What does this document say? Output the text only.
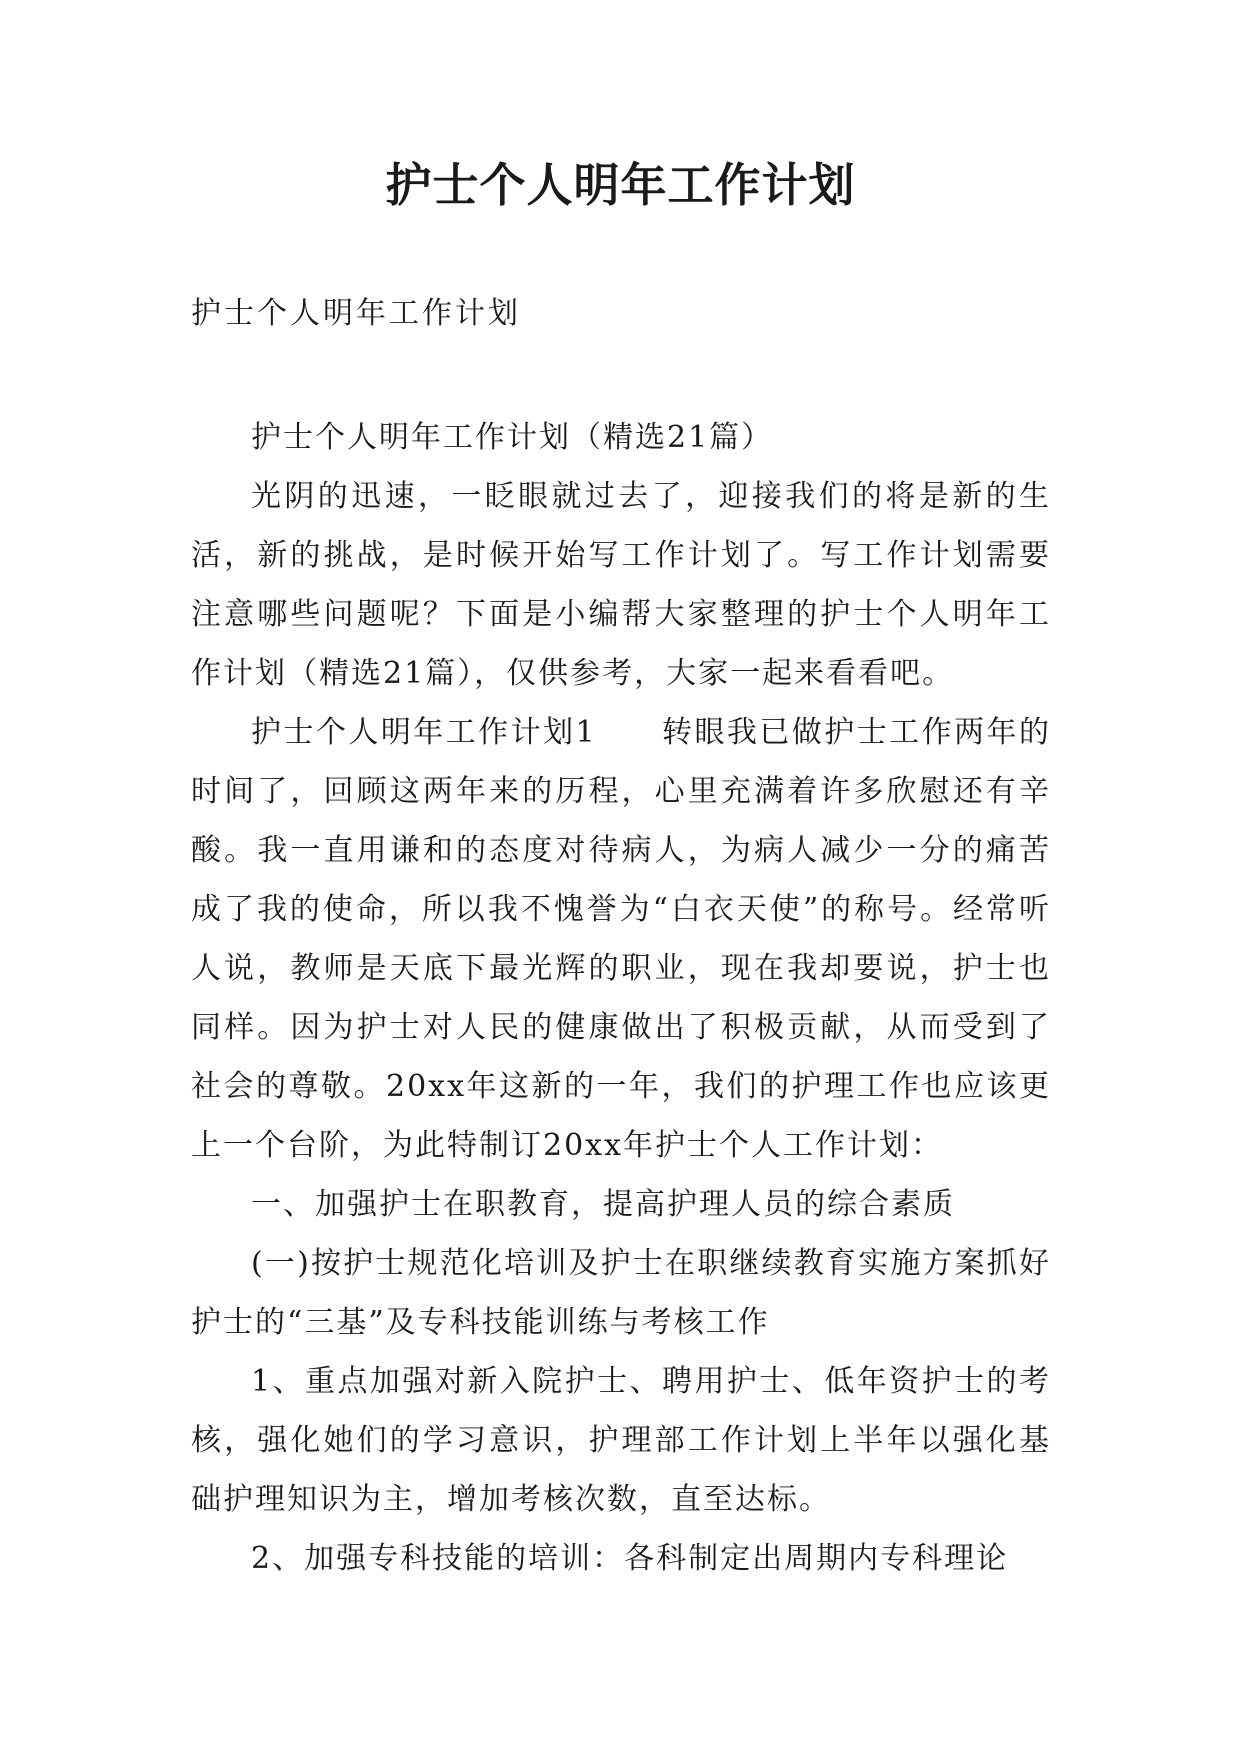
护士个人明年工作计划
护士个人明年工作计划

护士个人明年工作计划（精选21篇）

光阴的迅速，一眨眼就过去了，迎接我们的将是新的生活，新的挑战，是时候开始写工作计划了。写工作计划需要注意哪些问题呢？下面是小编帮大家整理的护士个人明年工作计划（精选21篇），仅供参考，大家一起来看看吧。

护士个人明年工作计划1　　转眼我已做护士工作两年的时间了，回顾这两年来的历程，心里充满着许多欣慰还有辛酸。我一直用谦和的态度对待病人，为病人减少一分的痛苦成了我的使命，所以我不愧誉为“白衣天使”的称号。经常听人说，教师是天底下最光辉的职业，现在我却要说，护士也同样。因为护士对人民的健康做出了积极贡献，从而受到了社会的尊敬。20xx年这新的一年，我们的护理工作也应该更上一个台阶，为此特制订20xx年护士个人工作计划：

一、加强护士在职教育，提高护理人员的综合素质

(一)按护士规范化培训及护士在职继续教育实施方案抓好护士的“三基”及专科技能训练与考核工作

1、重点加强对新入院护士、聘用护士、低年资护士的考核，强化她们的学习意识，护理部工作计划上半年以强化基础护理知识为主，增加考核次数，直至达标。

2、加强专科技能的培训：各科制定出周期内专科理论
